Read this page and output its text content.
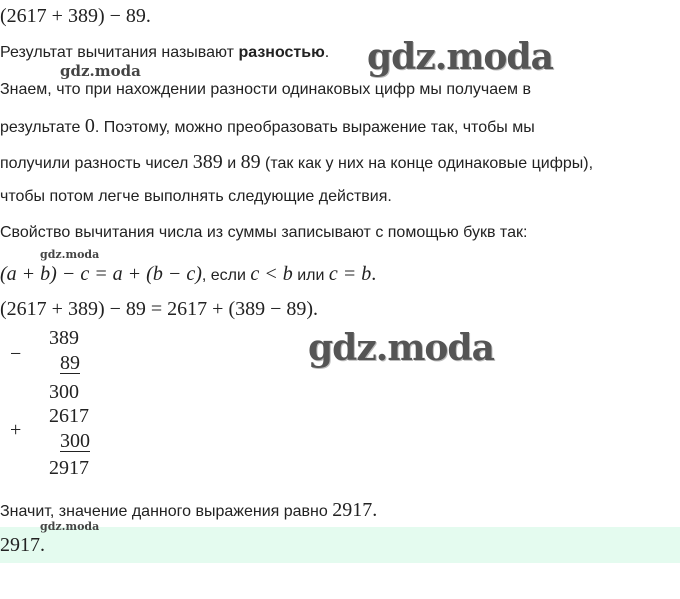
(2617 + 389) − 89.
Результат вычитания называют разностью. gdz.moda
gdz.moda
Знаем, что при нахождении разности одинаковых цифр мы получаем в
результате 0. Поэтому, можно преобразовать выражение так, чтобы мы
получили разность чисел 389 и 89 (так как у них на конце одинаковые цифры),
чтобы потом легче выполнять следующие действия.
Свойство вычитания числа из суммы записывают с помощью букв так:
gdz.moda
(a + b) − c = a + (b − c), если c < b или c = b.
(2617 + 389) − 89 = 2617 + (389 − 89).
−
389
89
300
gdz.moda
+
2617
300
2917
Значит, значение данного выражения равно 2917.
2917.
gdz.moda
